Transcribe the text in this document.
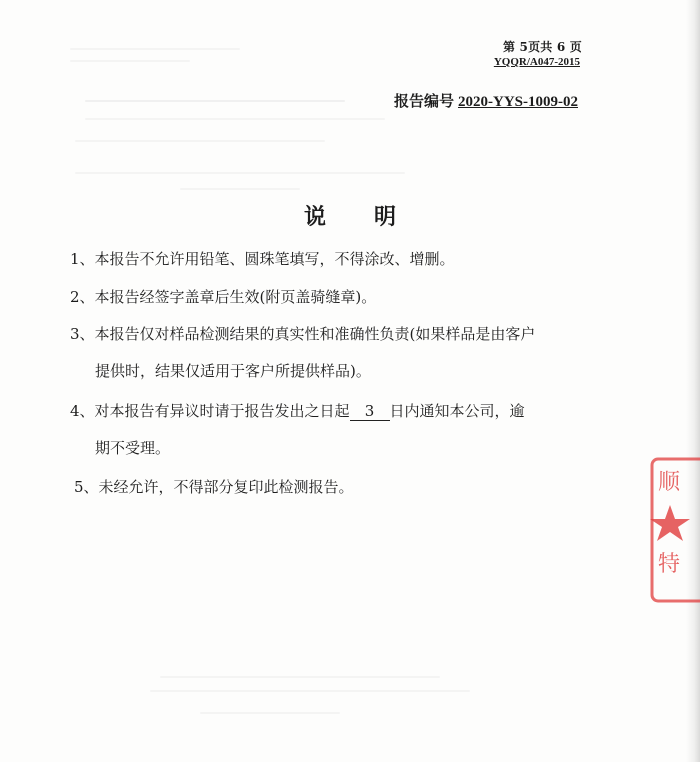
第 5页共 6 页
YQQR/A047-2015
报告编号 2020-YYS-1009-02
说明
1、本报告不允许用铅笔、圆珠笔填写，不得涂改、增删。
2、本报告经签字盖章后生效(附页盖骑缝章)。
3、本报告仅对样品检测结果的真实性和准确性负责(如果样品是由客户
提供时，结果仅适用于客户所提供样品)。
4、对本报告有异议时请于报告发出之日起 3 日内通知本公司，逾
期不受理。
5、未经允许，不得部分复印此检测报告。	顺
特
